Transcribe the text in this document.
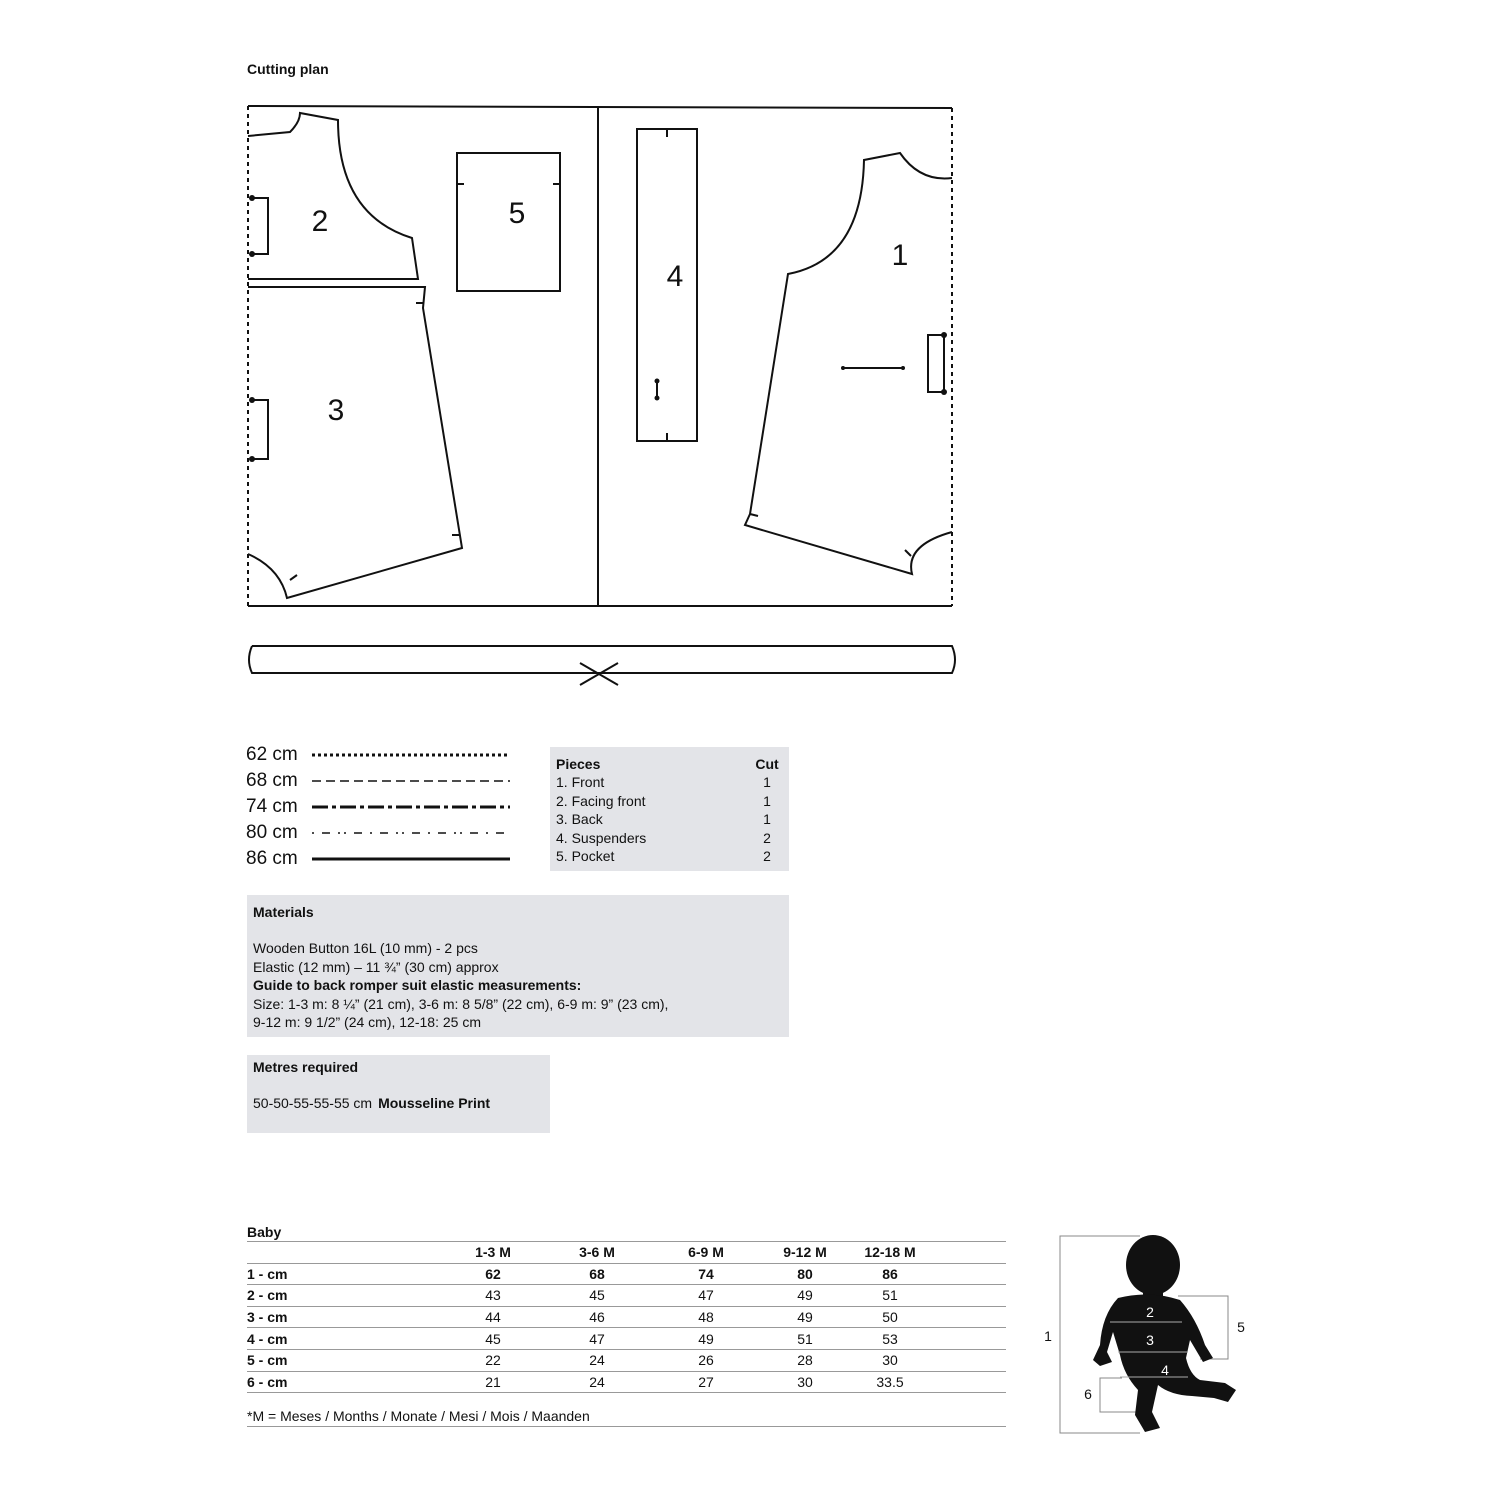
Cutting plan
1
2
3
4
5
62 cm
68 cm
74 cm
80 cm
86 cm
Pieces	Cut
1. Front	1
2. Facing front	1
3. Back	1
4. Suspenders	2
5. Pocket	2
Materials
Wooden Button 16L (10 mm) - 2 pcs
Elastic (12 mm) – 11 ¾” (30 cm) approx
Guide to back romper suit elastic measurements:
Size: 1-3 m: 8 ¼” (21 cm), 3-6 m: 8 5/8” (22 cm), 6-9 m: 9” (23 cm),
9-12 m: 9 1/2” (24 cm), 12-18: 25 cm
Metres required
50-50-55-55-55 cm Mousseline Print
Baby
	1-3 M	3-6 M	6-9 M	9-12 M	12-18 M	
1 - cm	62	68	74	80	86	
2 - cm	43	45	47	49	51	
3 - cm	44	46	48	49	50	
4 - cm	45	47	49	51	53	
5 - cm	22	24	26	28	30	
6 - cm	21	24	27	30	33.5	
*M = Meses / Months / Monate / Mesi / Mois / Maanden
1
2
3
4
5
6
